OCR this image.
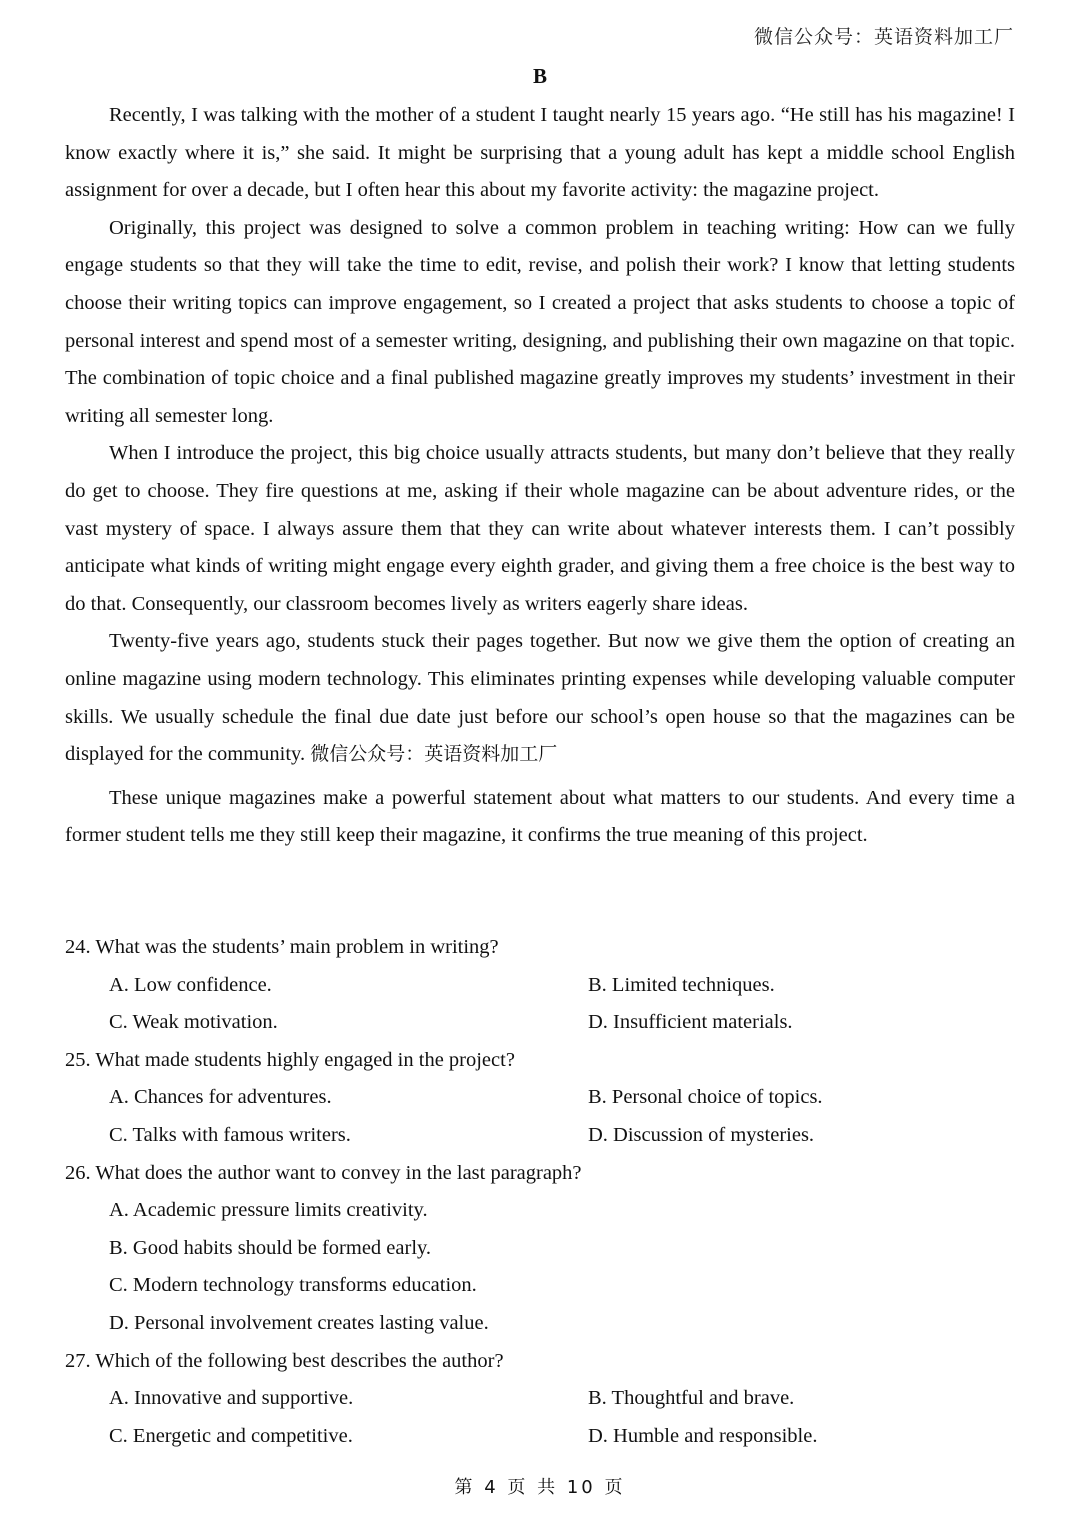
微信公众号：英语资料加工厂
B

Recently, I was talking with the mother of a student I taught nearly 15 years ago. “He still has his magazine! I know exactly where it is,” she said. It might be surprising that a young adult has kept a middle school English assignment for over a decade, but I often hear this about my favorite activity: the magazine project.

Originally, this project was designed to solve a common problem in teaching writing: How can we fully engage students so that they will take the time to edit, revise, and polish their work? I know that letting students choose their writing topics can improve engagement, so I created a project that asks students to choose a topic of personal interest and spend most of a semester writing, designing, and publishing their own magazine on that topic. The combination of topic choice and a final published magazine greatly improves my students’ investment in their writing all semester long.

When I introduce the project, this big choice usually attracts students, but many don’t believe that they really do get to choose. They fire questions at me, asking if their whole magazine can be about adventure rides, or the vast mystery of space. I always assure them that they can write about whatever interests them. I can’t possibly anticipate what kinds of writing might engage every eighth grader, and giving them a free choice is the best way to do that. Consequently, our classroom becomes lively as writers eagerly share ideas.

Twenty-five years ago, students stuck their pages together. But now we give them the option of creating an online magazine using modern technology. This eliminates printing expenses while developing valuable computer skills. We usually schedule the final due date just before our school’s open house so that the magazines can be displayed for the community. 微信公众号：英语资料加工厂

These unique magazines make a powerful statement about what matters to our students. And every time a former student tells me they still keep their magazine, it confirms the true meaning of this project.

24. What was the students’ main problem in writing?

A. Low confidence.	B. Limited techniques.
C. Weak motivation.	D. Insufficient materials.

25. What made students highly engaged in the project?

A. Chances for adventures.	B. Personal choice of topics.
C. Talks with famous writers.	D. Discussion of mysteries.

26. What does the author want to convey in the last paragraph?

A. Academic pressure limits creativity.
B. Good habits should be formed early.
C. Modern technology transforms education.
D. Personal involvement creates lasting value.

27. Which of the following best describes the author?

A. Innovative and supportive.	B. Thoughtful and brave.
C. Energetic and competitive.	D. Humble and responsible.
第 4 页 共 10 页
